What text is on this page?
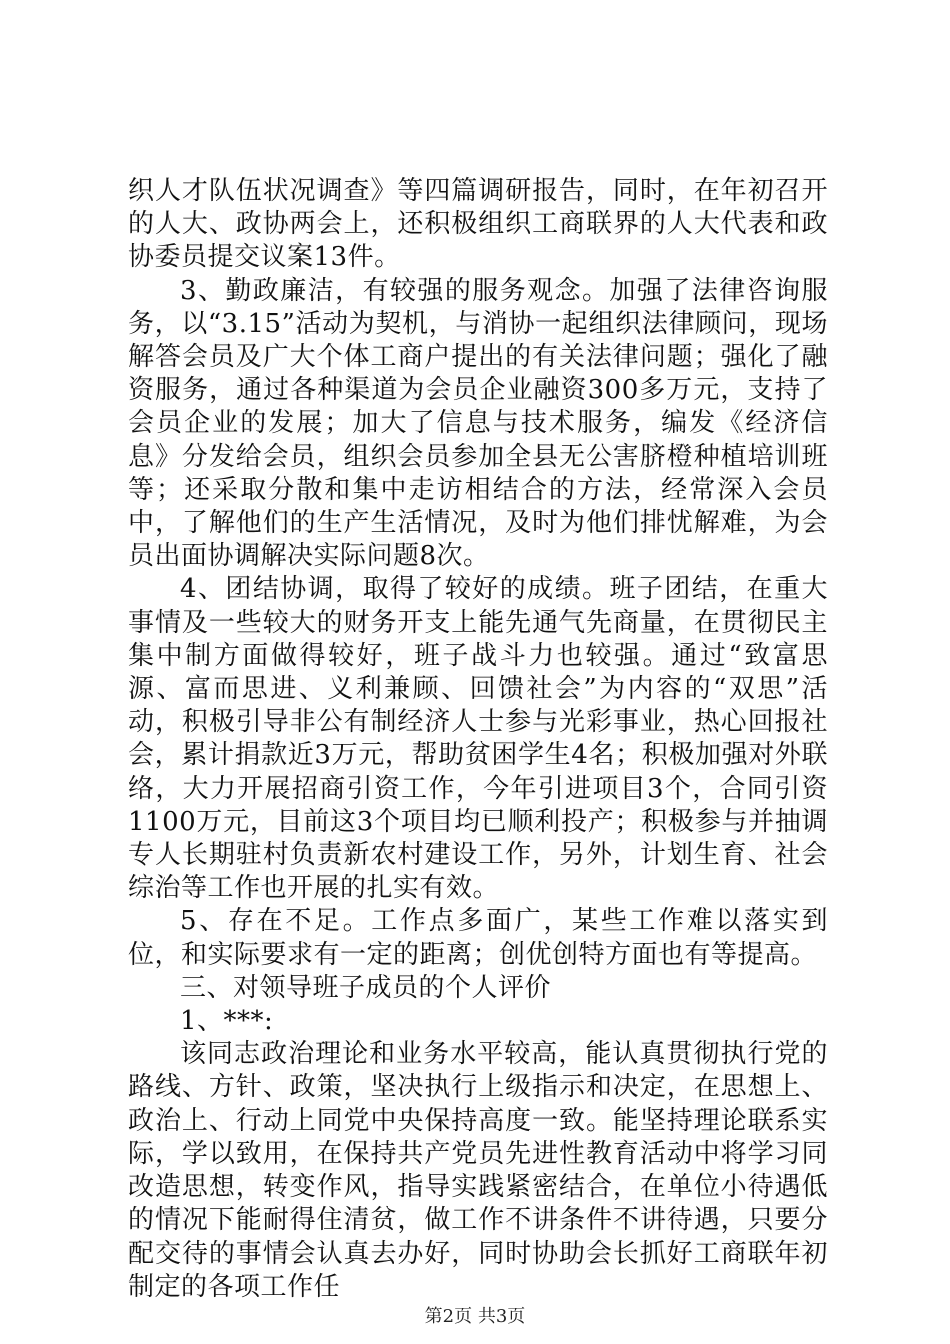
织人才队伍状况调查》等四篇调研报告，同时，在年初召开的人大、政协两会上，还积极组织工商联界的人大代表和政协委员提交议案13件。

3、勤政廉洁，有较强的服务观念。加强了法律咨询服务，以“3.15”活动为契机，与消协一起组织法律顾问，现场解答会员及广大个体工商户提出的有关法律问题；强化了融资服务，通过各种渠道为会员企业融资300多万元，支持了会员企业的发展；加大了信息与技术服务，编发《经济信息》分发给会员，组织会员参加全县无公害脐橙种植培训班等；还采取分散和集中走访相结合的方法，经常深入会员中，了解他们的生产生活情况，及时为他们排忧解难，为会员出面协调解决实际问题8次。

4、团结协调，取得了较好的成绩。班子团结，在重大事情及一些较大的财务开支上能先通气先商量，在贯彻民主集中制方面做得较好，班子战斗力也较强。通过“致富思源、富而思进、义利兼顾、回馈社会”为内容的“双思”活动，积极引导非公有制经济人士参与光彩事业，热心回报社会，累计捐款近3万元，帮助贫困学生4名；积极加强对外联络，大力开展招商引资工作，今年引进项目3个，合同引资1100万元，目前这3个项目均已顺利投产；积极参与并抽调专人长期驻村负责新农村建设工作，另外，计划生育、社会综治等工作也开展的扎实有效。

5、存在不足。工作点多面广，某些工作难以落实到位，和实际要求有一定的距离；创优创特方面也有等提高。

三、对领导班子成员的个人评价

1、***:

该同志政治理论和业务水平较高，能认真贯彻执行党的路线、方针、政策，坚决执行上级指示和决定，在思想上、政治上、行动上同党中央保持高度一致。能坚持理论联系实际，学以致用，在保持共产党员先进性教育活动中将学习同改造思想，转变作风，指导实践紧密结合，在单位小待遇低的情况下能耐得住清贫，做工作不讲条件不讲待遇，只要分配交待的事情会认真去办好，同时协助会长抓好工商联年初制定的各项工作任

第2页 共3页
